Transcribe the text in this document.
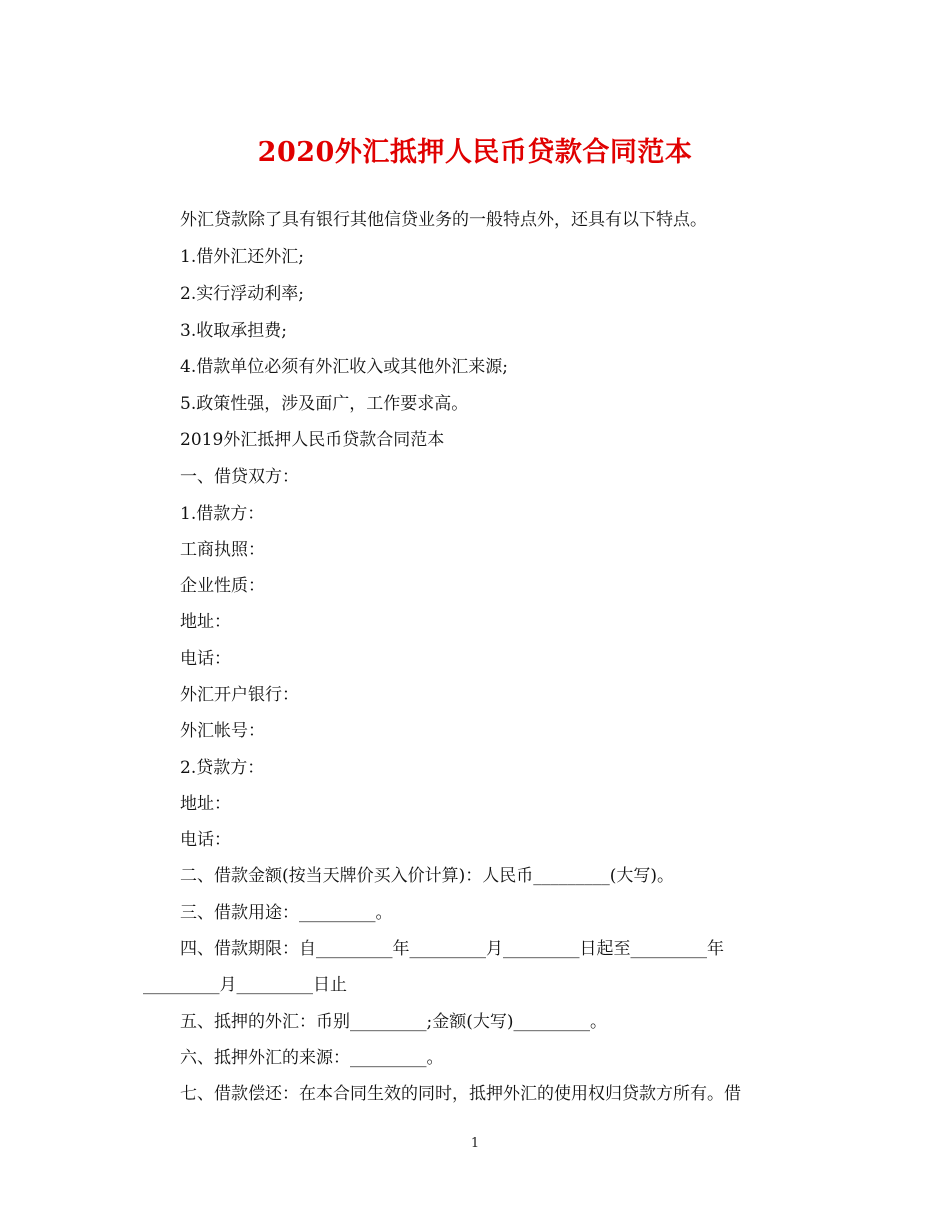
2020外汇抵押人民币贷款合同范本
外汇贷款除了具有银行其他信贷业务的一般特点外，还具有以下特点。
1.借外汇还外汇;
2.实行浮动利率;
3.收取承担费;
4.借款单位必须有外汇收入或其他外汇来源;
5.政策性强，涉及面广，工作要求高。
2019外汇抵押人民币贷款合同范本
一、借贷双方：
1.借款方：
工商执照：
企业性质：
地址：
电话：
外汇开户银行：
外汇帐号：
2.贷款方：
地址：
电话：
二、借款金额(按当天牌价买入价计算)：人民币_________(大写)。
三、借款用途：_________。
四、借款期限：自_________年_________月_________日起至_________年
_________月_________日止
五、抵押的外汇：币别_________;金额(大写)_________。
六、抵押外汇的来源：_________。
七、借款偿还：在本合同生效的同时，抵押外汇的使用权归贷款方所有。借
1
